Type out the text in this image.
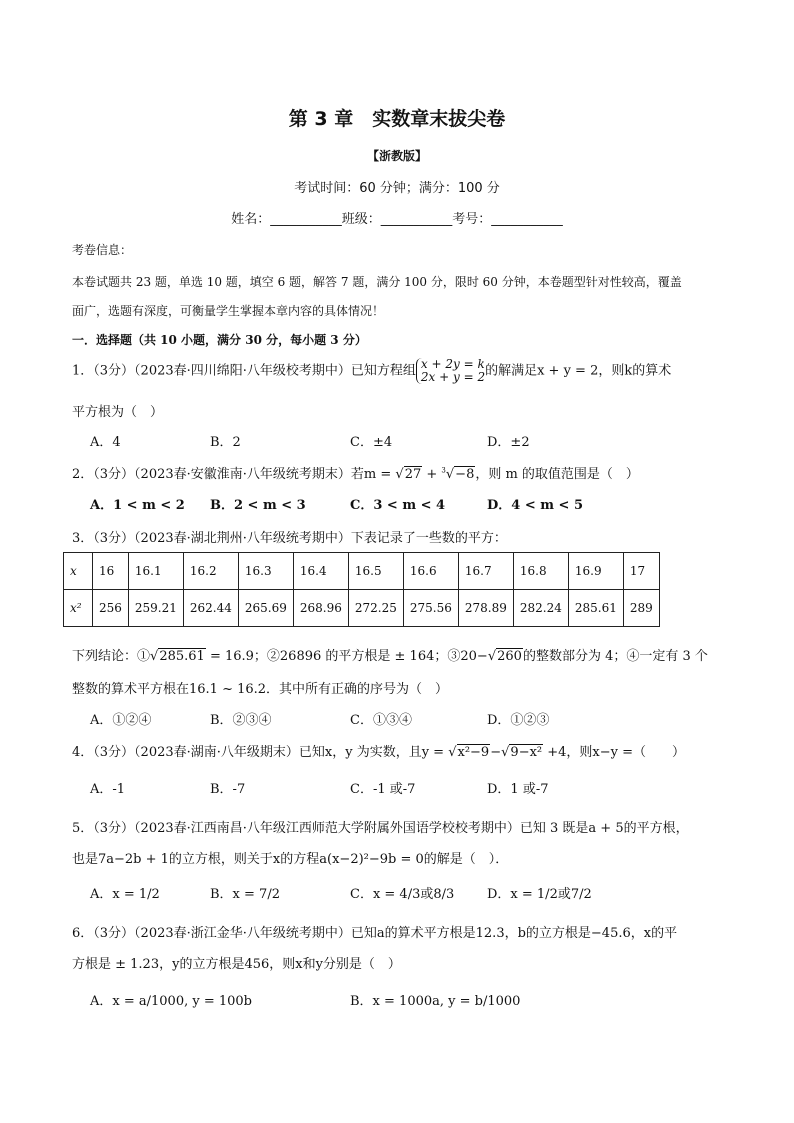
第 3 章　实数章末拔尖卷
【浙教版】
考试时间：60 分钟；满分：100 分
姓名：___________班级：___________考号：___________
考卷信息：
本卷试题共 23 题，单选 10 题，填空 6 题，解答 7 题，满分 100 分，限时 60 分钟，本卷题型针对性较高，覆盖
面广，选题有深度，可衡量学生掌握本章内容的具体情况！
一．选择题（共 10 小题，满分 30 分，每小题 3 分）
1．（3分）（2023春·四川绵阳·八年级校考期中）已知方程组 x + 2y = k
2x + y = 2 的解满足x + y = 2，则k的算术
平方根为（　）
A．4	B．2	C．±4	D．±2
2．（3分）（2023春·安徽淮南·八年级统考期末）若m = √27 + $^3$√−8，则 m 的取值范围是（　）
A．1 < m < 2 B．2 < m < 3	C．3 < m < 4	D．4 < m < 5
3．（3分）（2023春·湖北荆州·八年级统考期中）下表记录了一些数的平方：
x	16	16.1	16.2	16.3	16.4	16.5	16.6	16.7	16.8	16.9	17
x²	256	259.21	262.44	265.69	268.96	272.25	275.56	278.89	282.24	285.61	289
下列结论：①√285.61 = 16.9；②26896 的平方根是 ± 164；③20−√260的整数部分为 4；④一定有 3 个
整数的算术平方根在16.1 ~ 16.2．其中所有正确的序号为（　）
A．①②④	B．②③④	C．①③④	D．①②③
4．（3分）（2023春·湖南·八年级期末）已知x，y 为实数，且y = √x²−9−√9−x² +4，则x−y =（　　）
A．-1	B．-7	C．-1 或-7	D．1 或-7
5．（3分）（2023春·江西南昌·八年级江西师范大学附属外国语学校校考期中）已知 3 既是a + 5的平方根，
也是7a−2b + 1的立方根，则关于x的方程a(x−2)²−9b = 0的解是（　）．
A．x = 1/2	B．x = 7/2	C．x = 4/3或8/3	D．x = 1/2或7/2
6．（3分）（2023春·浙江金华·八年级统考期中）已知a的算术平方根是12.3，b的立方根是−45.6，x的平
方根是 ± 1.23，y的立方根是456，则x和y分别是（　）
A．x = a/1000, y = 100b	B．x = 1000a, y = b/1000
